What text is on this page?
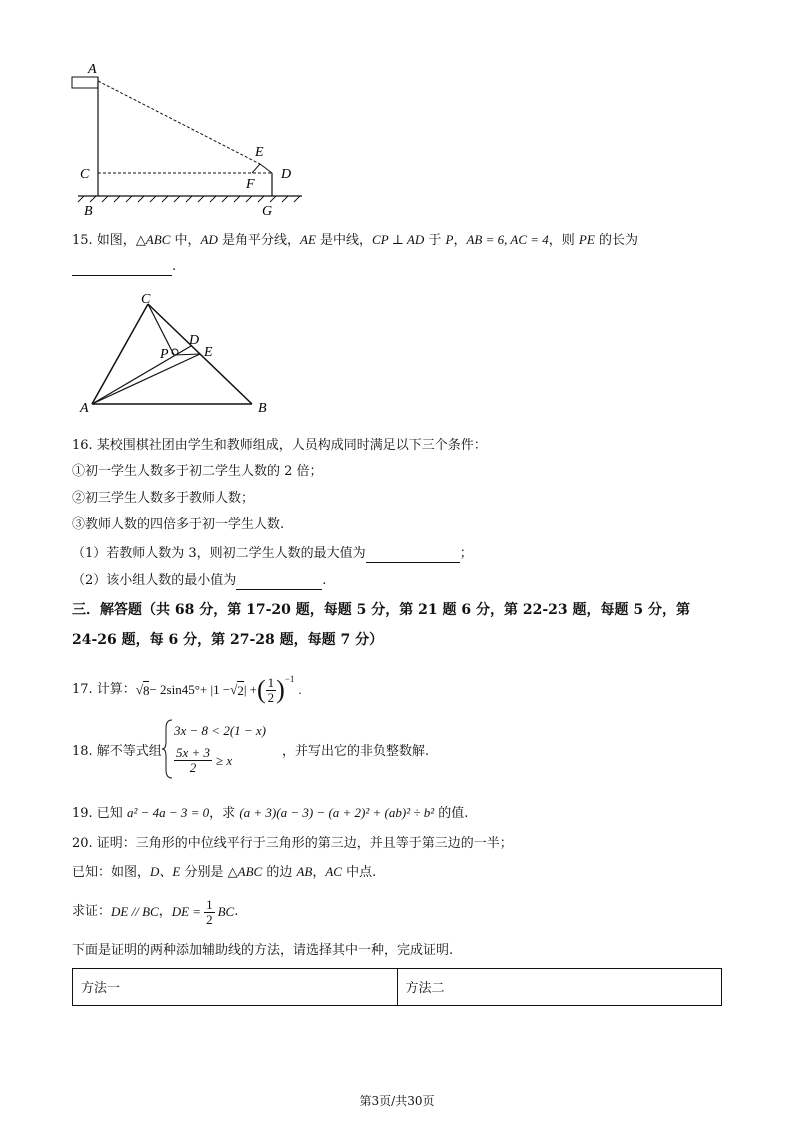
A
C
B
E
F
D
G
15. 如图，△ABC 中，AD 是角平分线，AE 是中线，CP ⊥ AD 于 P，AB = 6, AC = 4，则 PE 的长为
.
C
D
P	E
A	B
16. 某校围棋社团由学生和教师组成，人员构成同时满足以下三个条件：
①初一学生人数多于初二学生人数的 2 倍；
②初三学生人数多于教师人数；
③教师人数的四倍多于初一学生人数.
（1）若教师人数为 3，则初二学生人数的最大值为	；
（2）该小组人数的最小值为	.
三．解答题（共 68 分，第 17-20 题，每题 5 分，第 21 题 6 分，第 22-23 题，每题 5 分，第
24-26 题，每 6 分，第 27-28 题，每题 7 分）
17. 计算： √ 8 − 2sin45°+ |1 − √ 2 | + ( $\frac{1}{2}$ ) −1
.
18. 解不等式组
3x − 8 < 2(1 − x)
$\frac{5x + 3}{2} \ge x$
，并写出它的非负整数解.
19. 已知 a² − 4a − 3 = 0，求 (a + 3)(a − 3) − (a + 2)² + (ab)² ÷ b² 的值.
20. 证明：三角形的中位线平行于三角形的第三边，并且等于第三边的一半；
已知：如图，D、E 分别是 △ABC 的边 AB，AC 中点.
求证： DE // BC ， DE = $\frac{1}{2}$ BC .
下面是证明的两种添加辅助线的方法，请选择其中一种，完成证明.
方法一	方法二
第3页/共30页
